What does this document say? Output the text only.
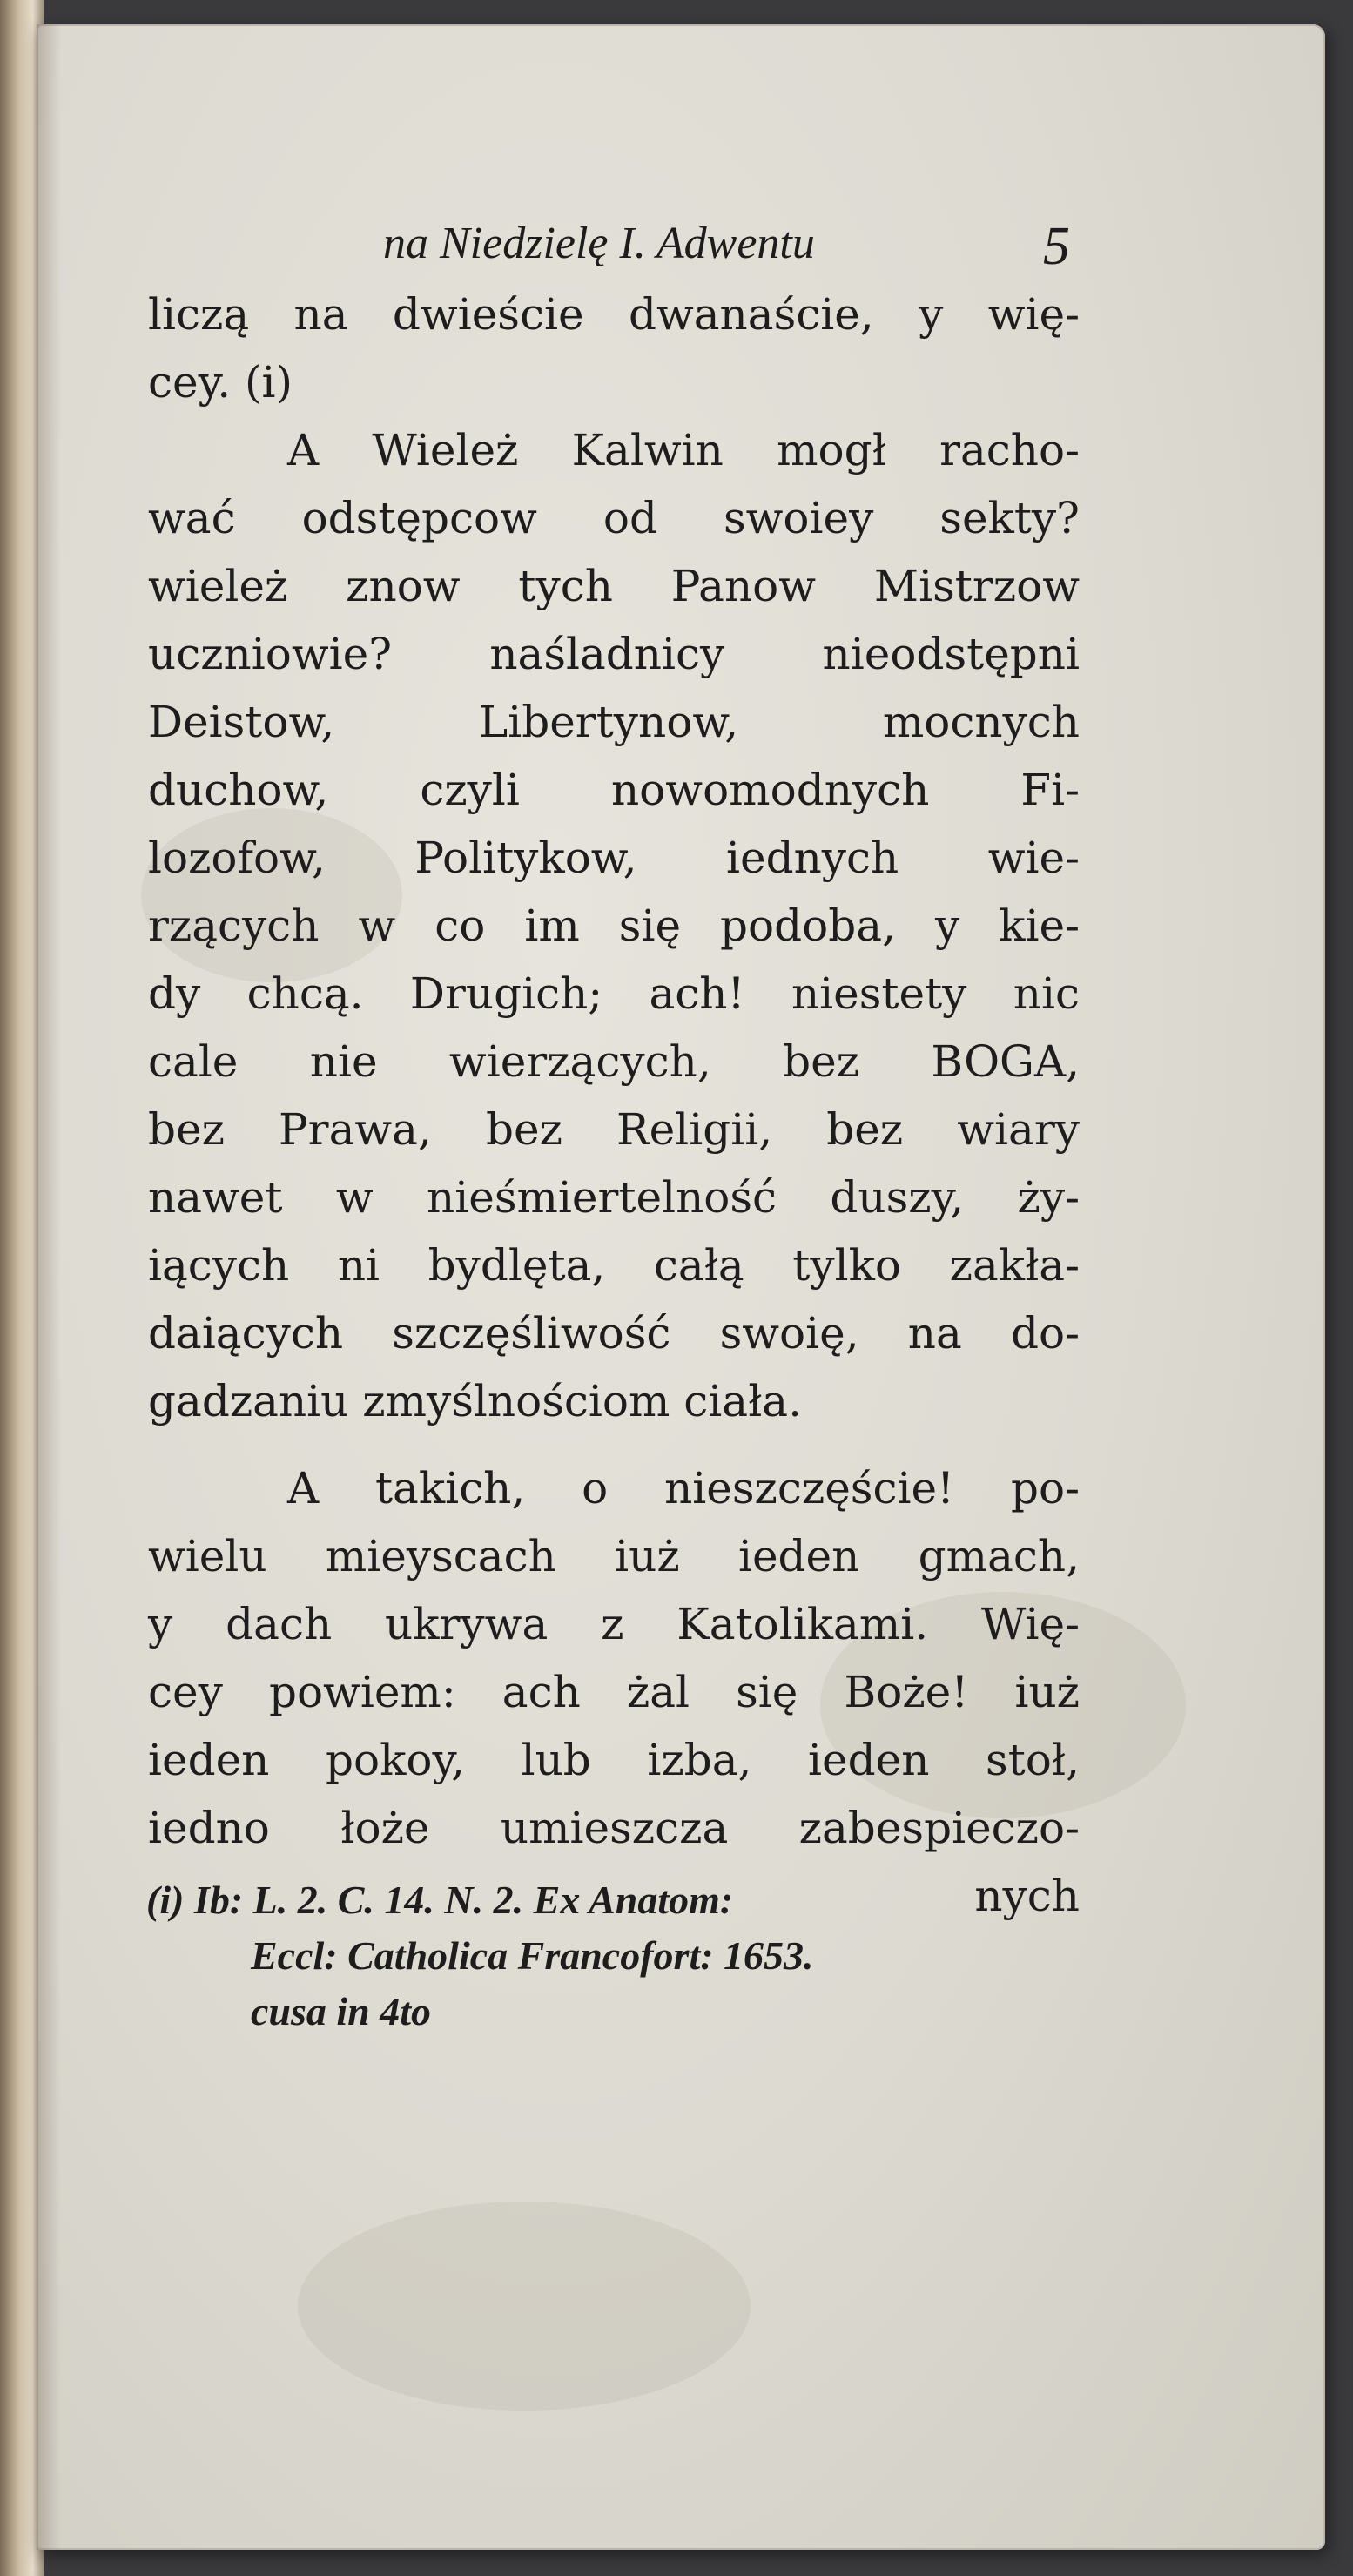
na Niedzielę I. Adwentu	5
liczą na dwieście dwanaście, y wię-
cey. (i)
A Wieleż Kalwin mogł racho-
wać odstępcow od swoiey sekty?
wieleż znow tych Panow Mistrzow
uczniowie? naśladnicy nieodstępni
Deistow, Libertynow, mocnych
duchow, czyli nowomodnych Fi-
lozofow, Politykow, iednych wie-
rzących w co im się podoba, y kie-
dy chcą. Drugich; ach! niestety nic
cale nie wierzących, bez BOGA,
bez Prawa, bez Religii, bez wiary
nawet w nieśmiertelność duszy, ży-
iących ni bydlęta, całą tylko zakła-
daiących szczęśliwość swoię, na do-
gadzaniu zmyślnościom ciała.
A takich, o nieszczęście! po-
wielu mieyscach iuż ieden gmach,
y dach ukrywa z Katolikami. Wię-
cey powiem: ach żal się Boże! iuż
ieden pokoy, lub izba, ieden stoł,
iedno łoże umieszcza zabespieczo-
nych
(i) Ib: L. 2. C. 14. N. 2. Ex Anatom:
Eccl: Catholica Francofort: 1653.
cusa in 4to
